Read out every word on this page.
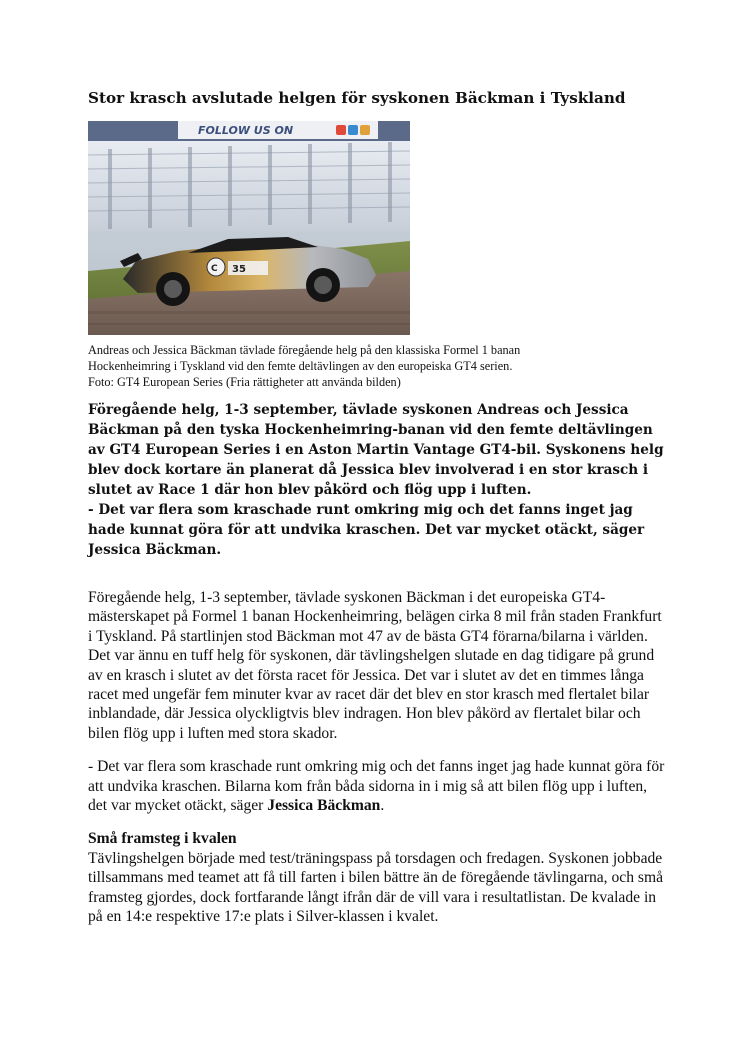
Stor krasch avslutade helgen för syskonen Bäckman i Tyskland
FOLLOW US ON
C 35
Andreas och Jessica Bäckman tävlade föregående helg på den klassiska Formel 1 banan
Hockenheimring i Tyskland vid den femte deltävlingen av den europeiska GT4 serien.
Foto: GT4 European Series (Fria rättigheter att använda bilden)

Föregående helg, 1-3 september, tävlade syskonen Andreas och Jessica Bäckman på den tyska Hockenheimring-banan vid den femte deltävlingen av GT4 European Series i en Aston Martin Vantage GT4-bil. Syskonens helg blev dock kortare än planerat då Jessica blev involverad i en stor krasch i slutet av Race 1 där hon blev påkörd och flög upp i luften.

- Det var flera som kraschade runt omkring mig och det fanns inget jag hade kunnat göra för att undvika kraschen. Det var mycket otäckt, säger Jessica Bäckman.

Föregående helg, 1-3 september, tävlade syskonen Bäckman i det europeiska GT4-mästerskapet på Formel 1 banan Hockenheimring, belägen cirka 8 mil från staden Frankfurt i Tyskland. På startlinjen stod Bäckman mot 47 av de bästa GT4 förarna/bilarna i världen. Det var ännu en tuff helg för syskonen, där tävlingshelgen slutade en dag tidigare på grund av en krasch i slutet av det första racet för Jessica. Det var i slutet av det en timmes långa racet med ungefär fem minuter kvar av racet där det blev en stor krasch med flertalet bilar inblandade, där Jessica olyckligtvis blev indragen. Hon blev påkörd av flertalet bilar och bilen flög upp i luften med stora skador.

- Det var flera som kraschade runt omkring mig och det fanns inget jag hade kunnat göra för att undvika kraschen. Bilarna kom från båda sidorna in i mig så att bilen flög upp i luften, det var mycket otäckt, säger Jessica Bäckman.

Små framsteg i kvalen

Tävlingshelgen började med test/träningspass på torsdagen och fredagen. Syskonen jobbade tillsammans med teamet att få till farten i bilen bättre än de föregående tävlingarna, och små framsteg gjordes, dock fortfarande långt ifrån där de vill vara i resultatlistan. De kvalade in på en 14:e respektive 17:e plats i Silver-klassen i kvalet.
